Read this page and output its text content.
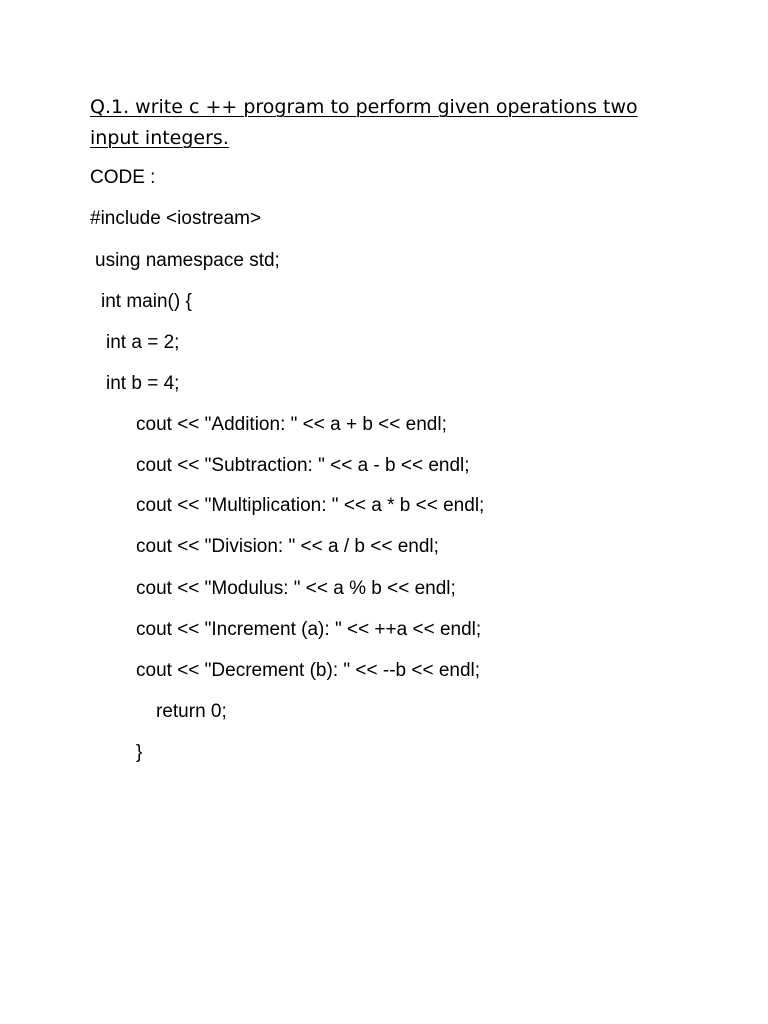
Q.1. write c ++ program to perform given operations two input integers.

CODE :

#include <iostream>

using namespace std;

int main() {

int a = 2;

int b = 4;

cout << "Addition: " << a + b << endl;

cout << "Subtraction: " << a - b << endl;

cout << "Multiplication: " << a * b << endl;

cout << "Division: " << a / b << endl;

cout << "Modulus: " << a % b << endl;

cout << "Increment (a): " << ++a << endl;

cout << "Decrement (b): " << --b << endl;

return 0;

}
